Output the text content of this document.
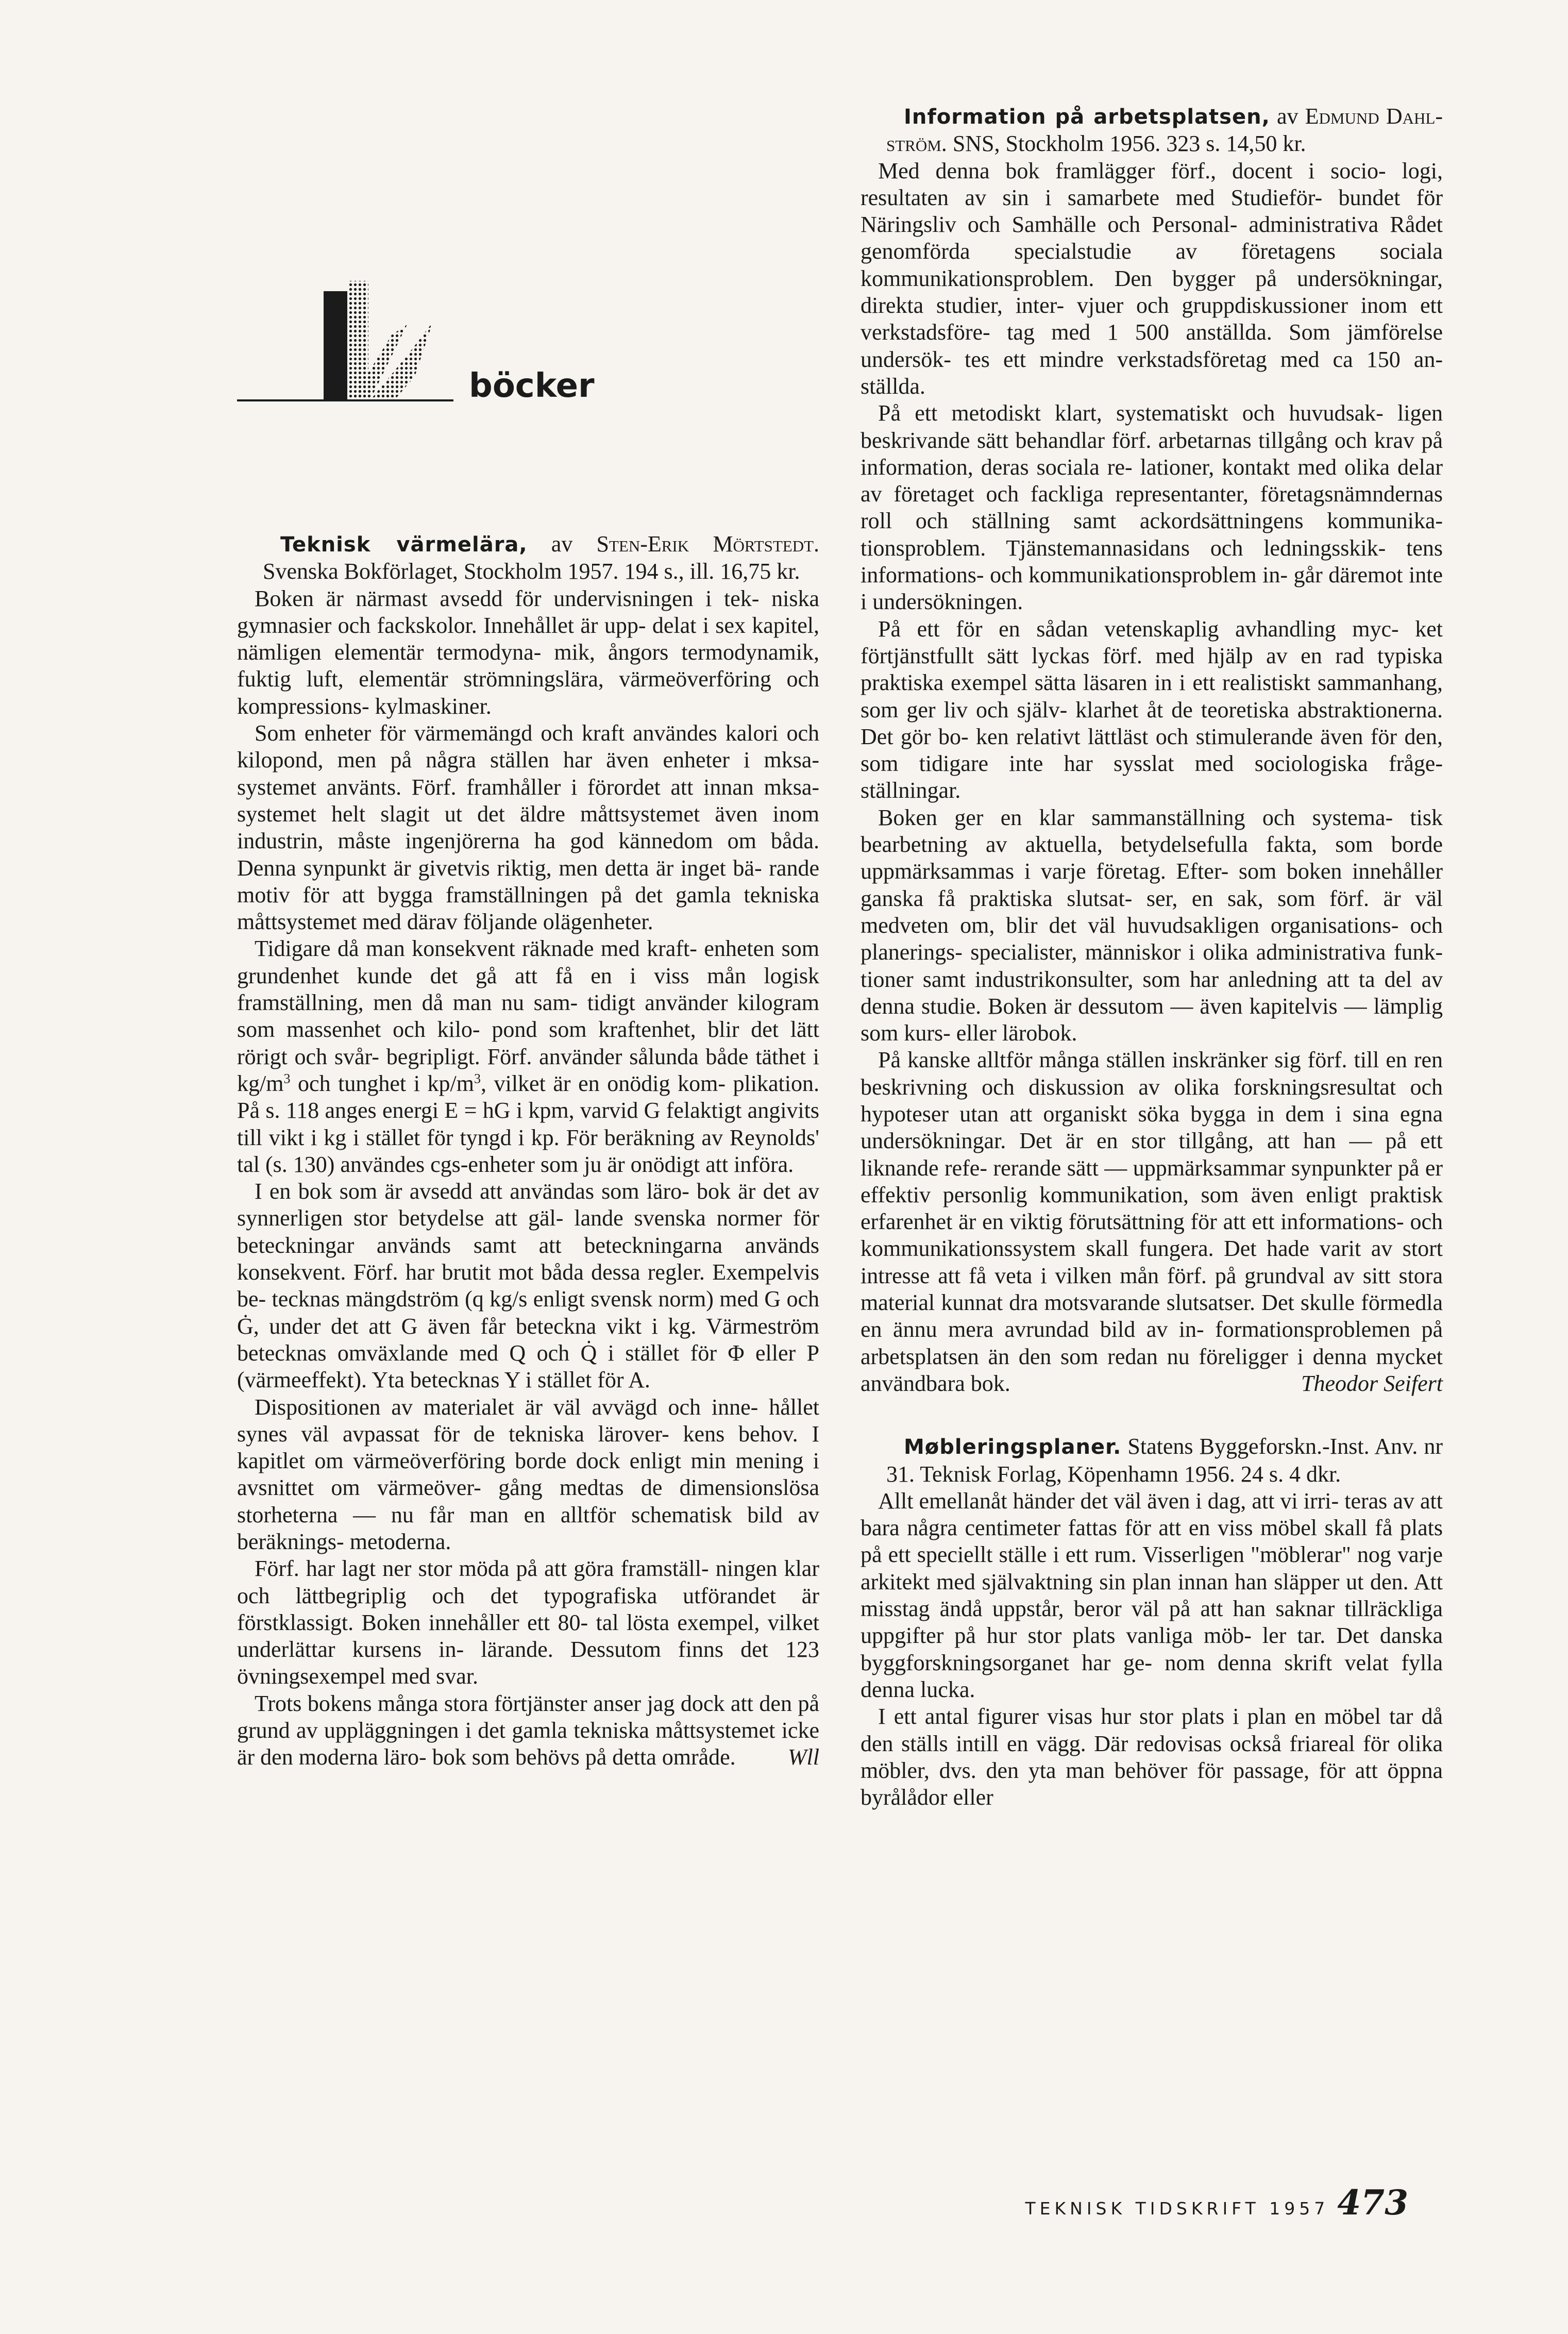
böcker

Teknisk värmelära, av Sten-Erik Mörtstedt. Svenska Bokförlaget, Stockholm 1957. 194 s., ill. 16,75 kr.

Boken är närmast avsedd för undervisningen i tek- niska gymnasier och fackskolor. Innehållet är upp- delat i sex kapitel, nämligen elementär termodyna- mik, ångors termodynamik, fuktig luft, elementär strömningslära, värmeöverföring och kompressions- kylmaskiner.

Som enheter för värmemängd och kraft användes kalori och kilopond, men på några ställen har även enheter i mksa-systemet använts. Förf. framhåller i förordet att innan mksa-systemet helt slagit ut det äldre måttsystemet även inom industrin, måste ingenjörerna ha god kännedom om båda. Denna synpunkt är givetvis riktig, men detta är inget bä- rande motiv för att bygga framställningen på det gamla tekniska måttsystemet med därav följande olägenheter.

Tidigare då man konsekvent räknade med kraft- enheten som grundenhet kunde det gå att få en i viss mån logisk framställning, men då man nu sam- tidigt använder kilogram som massenhet och kilo- pond som kraftenhet, blir det lätt rörigt och svår- begripligt. Förf. använder sålunda både täthet i $kg/m^3$ och tunghet i $kp/m^3$, vilket är en onödig kom- plikation. På s. 118 anges energi E = hG i kpm, varvid G felaktigt angivits till vikt i kg i stället för tyngd i kp. För beräkning av Reynolds' tal (s. 130) användes cgs-enheter som ju är onödigt att införa.

I en bok som är avsedd att användas som läro- bok är det av synnerligen stor betydelse att gäl- lande svenska normer för beteckningar används samt att beteckningarna används konsekvent. Förf. har brutit mot båda dessa regler. Exempelvis be- tecknas mängdström (q kg/s enligt svensk norm) med G och Ġ, under det att G även får beteckna vikt i kg. Värmeström betecknas omväxlande med Q och Q̇ i stället för Φ eller P (värmeeffekt). Yta betecknas Y i stället för A.

Dispositionen av materialet är väl avvägd och inne- hållet synes väl avpassat för de tekniska lärover- kens behov. I kapitlet om värmeöverföring borde dock enligt min mening i avsnittet om värmeöver- gång medtas de dimensionslösa storheterna — nu får man en alltför schematisk bild av beräknings- metoderna.

Förf. har lagt ner stor möda på att göra framställ- ningen klar och lättbegriplig och det typografiska utförandet är förstklassigt. Boken innehåller ett 80- tal lösta exempel, vilket underlättar kursens in- lärande. Dessutom finns det 123 övningsexempel med svar.

Trots bokens många stora förtjänster anser jag dock att den på grund av uppläggningen i det gamla tekniska måttsystemet icke är den moderna läro- bok som behövs på detta område.	Wll

Information på arbetsplatsen, av Edmund Dahl- ström. SNS, Stockholm 1956. 323 s. 14,50 kr.

Med denna bok framlägger förf., docent i socio- logi, resultaten av sin i samarbete med Studieför- bundet för Näringsliv och Samhälle och Personal- administrativa Rådet genomförda specialstudie av företagens sociala kommunikationsproblem. Den bygger på undersökningar, direkta studier, inter- vjuer och gruppdiskussioner inom ett verkstadsföre- tag med 1 500 anställda. Som jämförelse undersök- tes ett mindre verkstadsföretag med ca 150 an- ställda.

På ett metodiskt klart, systematiskt och huvudsak- ligen beskrivande sätt behandlar förf. arbetarnas tillgång och krav på information, deras sociala re- lationer, kontakt med olika delar av företaget och fackliga representanter, företagsnämndernas roll och ställning samt ackordsättningens kommunika- tionsproblem. Tjänstemannasidans och ledningsskik- tens informations- och kommunikationsproblem in- går däremot inte i undersökningen.

På ett för en sådan vetenskaplig avhandling myc- ket förtjänstfullt sätt lyckas förf. med hjälp av en rad typiska praktiska exempel sätta läsaren in i ett realistiskt sammanhang, som ger liv och själv- klarhet åt de teoretiska abstraktionerna. Det gör bo- ken relativt lättläst och stimulerande även för den, som tidigare inte har sysslat med sociologiska fråge- ställningar.

Boken ger en klar sammanställning och systema- tisk bearbetning av aktuella, betydelsefulla fakta, som borde uppmärksammas i varje företag. Efter- som boken innehåller ganska få praktiska slutsat- ser, en sak, som förf. är väl medveten om, blir det väl huvudsakligen organisations- och planerings- specialister, människor i olika administrativa funk- tioner samt industrikonsulter, som har anledning att ta del av denna studie. Boken är dessutom — även kapitelvis — lämplig som kurs- eller lärobok.

På kanske alltför många ställen inskränker sig förf. till en ren beskrivning och diskussion av olika forskningsresultat och hypoteser utan att organiskt söka bygga in dem i sina egna undersökningar. Det är en stor tillgång, att han — på ett liknande refe- rerande sätt — uppmärksammar synpunkter på er effektiv personlig kommunikation, som även enligt praktisk erfarenhet är en viktig förutsättning för att ett informations- och kommunikationssystem skall fungera. Det hade varit av stort intresse att få veta i vilken mån förf. på grundval av sitt stora material kunnat dra motsvarande slutsatser. Det skulle förmedla en ännu mera avrundad bild av in- formationsproblemen på arbetsplatsen än den som redan nu föreligger i denna mycket användbara bok.	Theodor Seifert

Møbleringsplaner. Statens Byggeforskn.-Inst. Anv. nr 31. Teknisk Forlag, Köpenhamn 1956. 24 s. 4 dkr.

Allt emellanåt händer det väl även i dag, att vi irri- teras av att bara några centimeter fattas för att en viss möbel skall få plats på ett speciellt ställe i ett rum. Visserligen "möblerar" nog varje arkitekt med självaktning sin plan innan han släpper ut den. Att misstag ändå uppstår, beror väl på att han saknar tillräckliga uppgifter på hur stor plats vanliga möb- ler tar. Det danska byggforskningsorganet har ge- nom denna skrift velat fylla denna lucka.

I ett antal figurer visas hur stor plats i plan en möbel tar då den ställs intill en vägg. Där redovisas också friareal för olika möbler, dvs. den yta man behöver för passage, för att öppna byrålådor eller

TEKNISK TIDSKRIFT 1957 473
